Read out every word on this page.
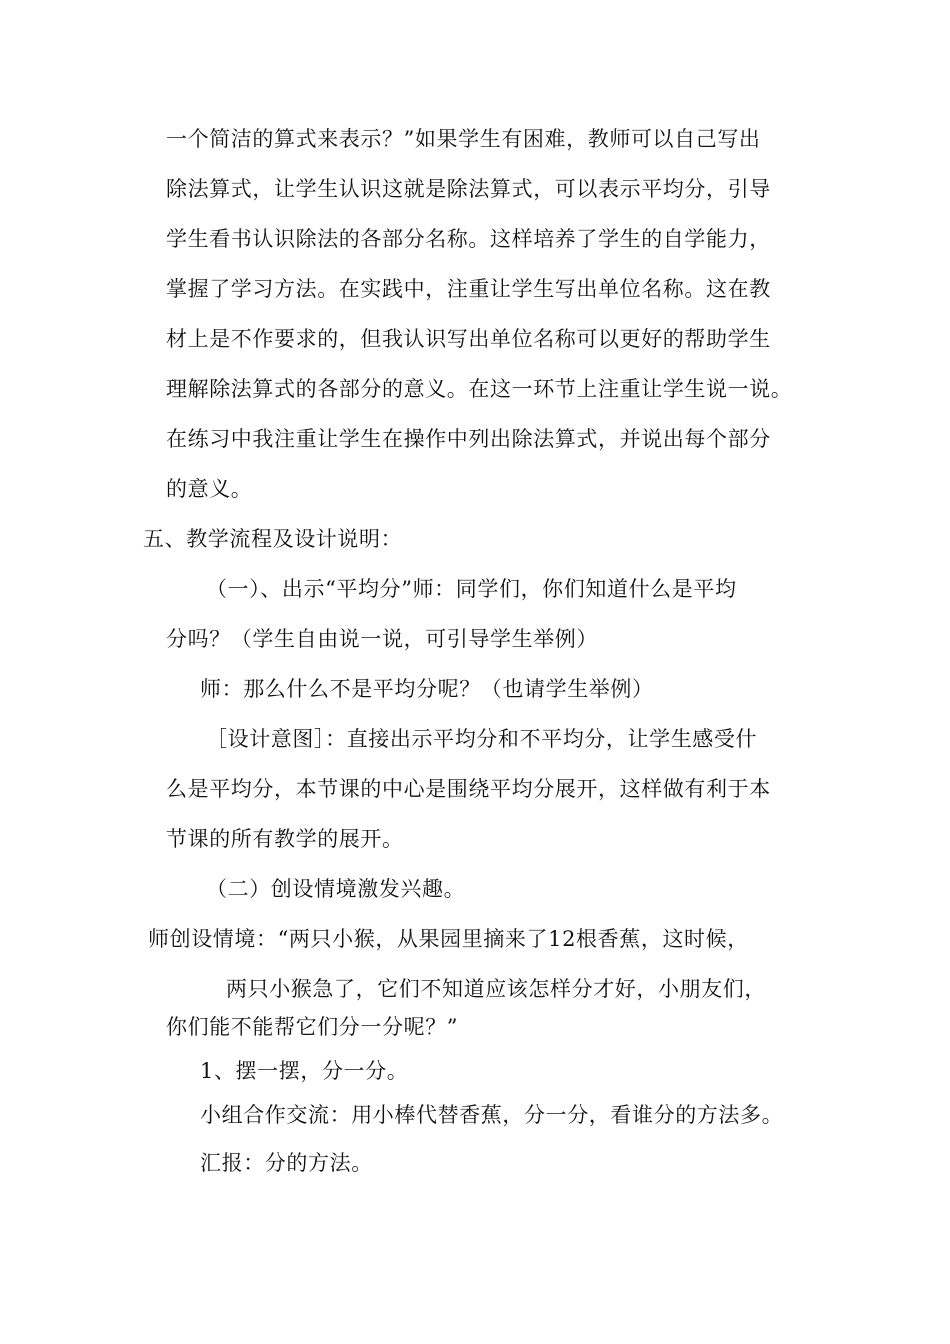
一个简洁的算式来表示？”如果学生有困难，教师可以自己写出
除法算式，让学生认识这就是除法算式，可以表示平均分，引导
学生看书认识除法的各部分名称。这样培养了学生的自学能力，
掌握了学习方法。在实践中，注重让学生写出单位名称。这在教
材上是不作要求的，但我认识写出单位名称可以更好的帮助学生
理解除法算式的各部分的意义。在这一环节上注重让学生说一说。
在练习中我注重让学生在操作中列出除法算式，并说出每个部分
的意义。
五、教学流程及设计说明：
（一）、出示“平均分”师：同学们，你们知道什么是平均
分吗？（学生自由说一说，可引导学生举例）
师：那么什么不是平均分呢？（也请学生举例）
［设计意图］：直接出示平均分和不平均分，让学生感受什
么是平均分，本节课的中心是围绕平均分展开，这样做有利于本
节课的所有教学的展开。
（二）创设情境激发兴趣。
师创设情境：“两只小猴，从果园里摘来了12根香蕉，这时候，
两只小猴急了，它们不知道应该怎样分才好，小朋友们，
你们能不能帮它们分一分呢？”
1、摆一摆，分一分。
小组合作交流：用小棒代替香蕉，分一分，看谁分的方法多。
汇报：分的方法。
